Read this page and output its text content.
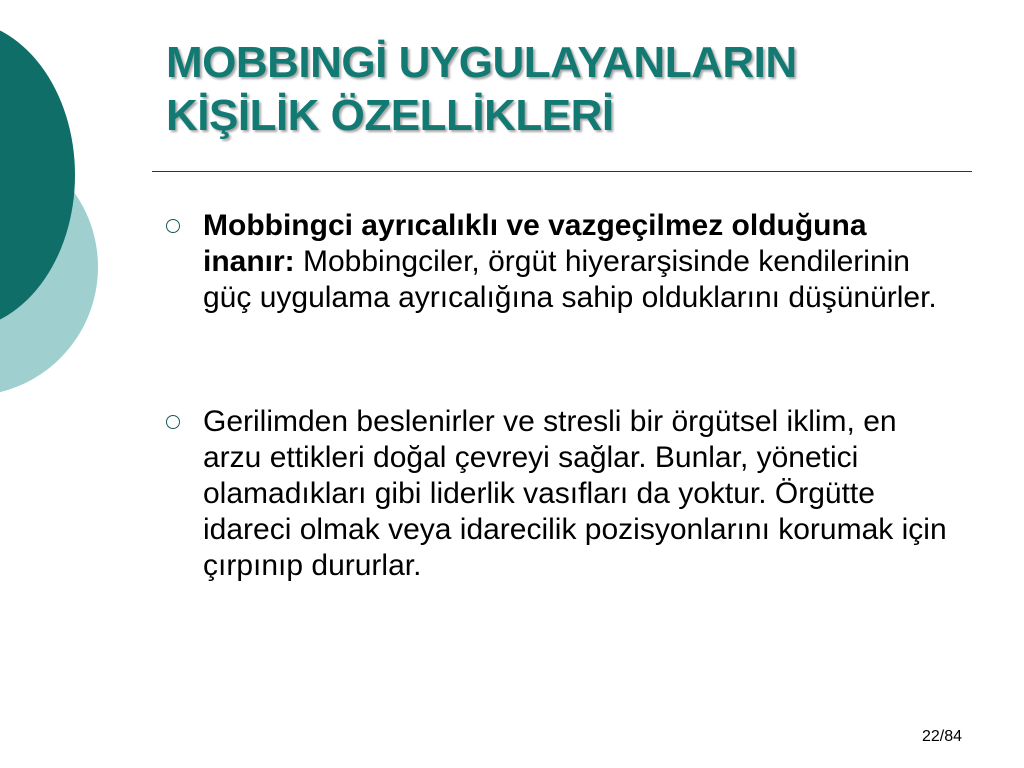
MOBBINGİ UYGULAYANLARIN
KİŞİLİK ÖZELLİKLERİ
Mobbingci ayrıcalıklı ve vazgeçilmez olduğuna inanır: Mobbingciler, örgüt hiyerarşisinde kendilerinin güç uygulama ayrıcalığına sahip olduklarını düşünürler.
Gerilimden beslenirler ve stresli bir örgütsel iklim, en arzu ettikleri doğal çevreyi sağlar. Bunlar, yönetici olamadıkları gibi liderlik vasıfları da yoktur. Örgütte idareci olmak veya idarecilik pozisyonlarını korumak için çırpınıp dururlar.
22/84
